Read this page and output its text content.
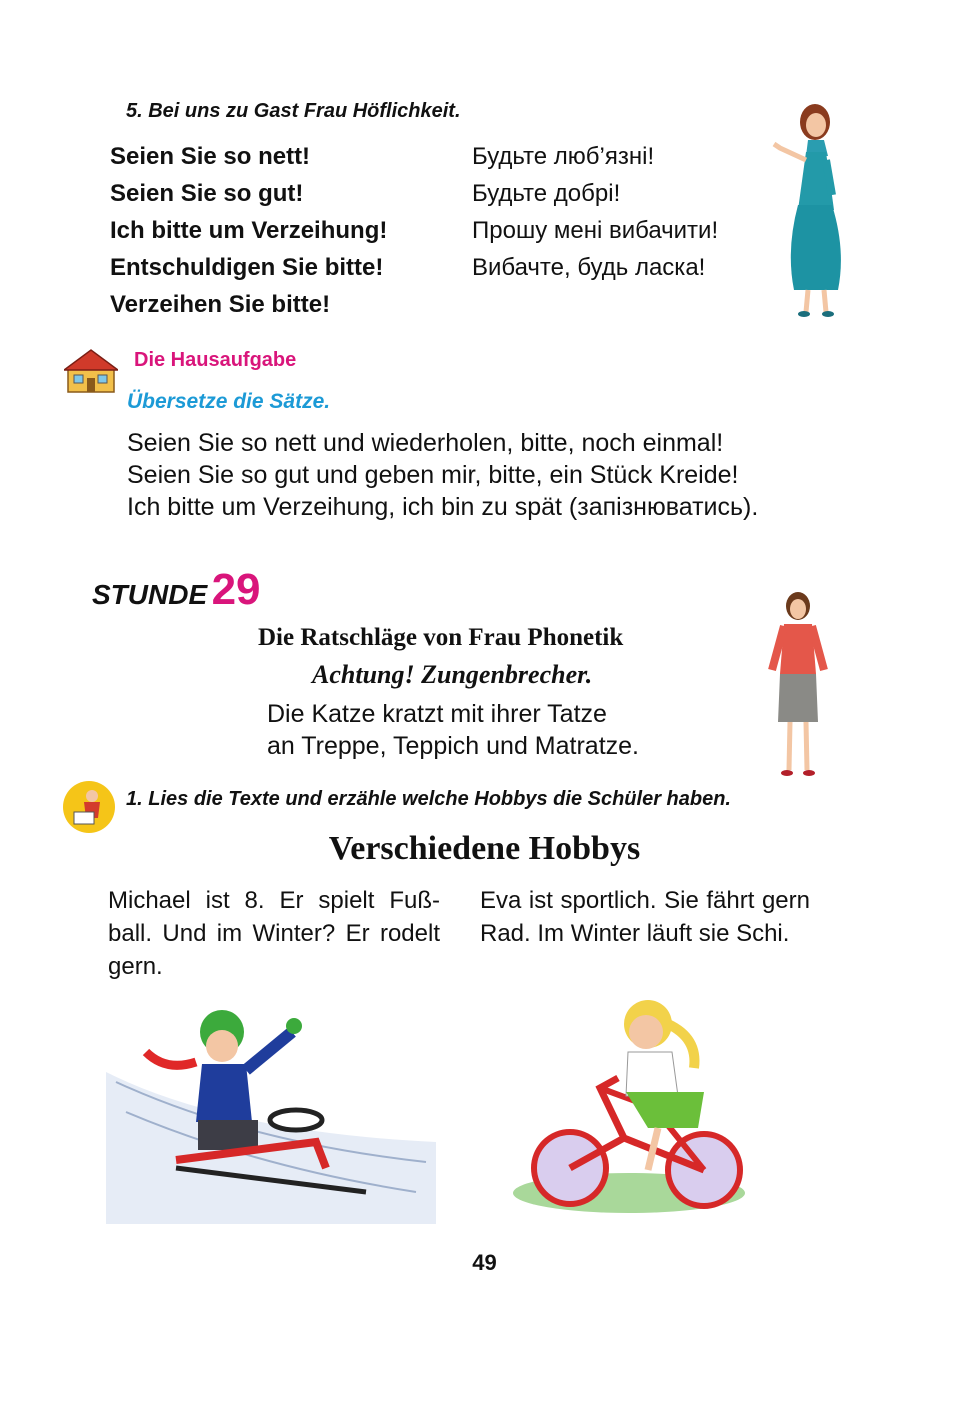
5. Bei uns zu Gast Frau Höflichkeit.
Seien Sie so nett!	Будьте люб’язні!
Seien Sie so gut!	Будьте добрі!
Ich bitte um Verzeihung!	Прошу мені вибачити!
Entschuldigen Sie bitte!	Вибачте, будь ласка!
Verzeihen Sie bitte!
Die Hausaufgabe
Übersetze die Sätze.
Seien Sie so nett und wiederholen, bitte, noch einmal!
Seien Sie so gut und geben mir, bitte, ein Stück Kreide!
Ich bitte um Verzeihung, ich bin zu spät (запізнюватись).
STUNDE 29
Die Ratschläge von Frau Phonetik
Achtung! Zungenbrecher.
Die Katze kratzt mit ihrer Tatze
an Treppe, Teppich und Matratze.
1. Lies die Texte und erzähle welche Hobbys die Schüler haben.
Verschiedene Hobbys
Michael ist 8. Er spielt Fuß- ball. Und im Winter? Er rodelt gern.
Eva ist sportlich. Sie fährt gern Rad. Im Winter läuft sie Schi.
49
